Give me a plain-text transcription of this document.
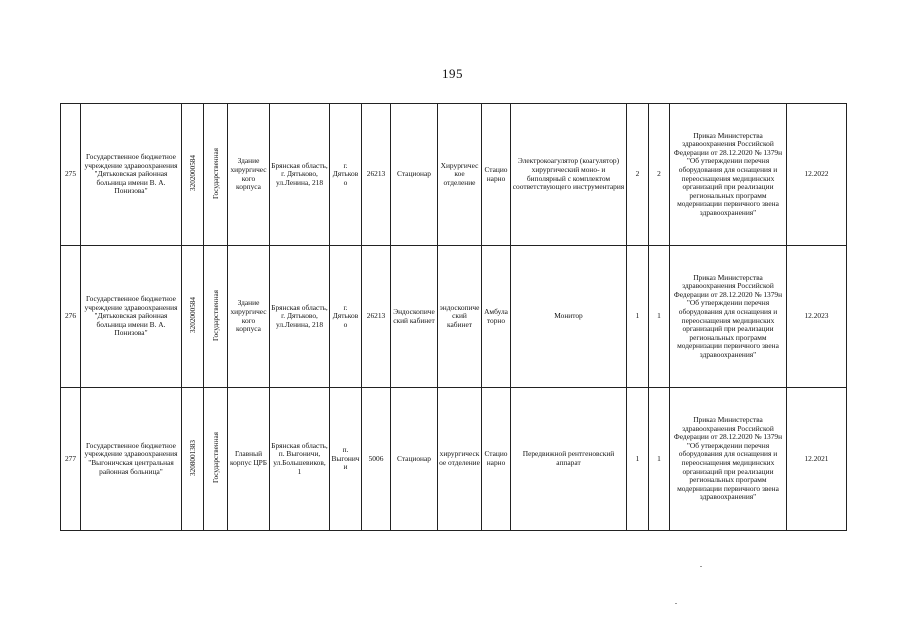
195
275	Государственное бюджетное учреждение здравоохранения "Дятьковская районная больница имени В. А. Понизова"	3202000584	Государственная	Здание хирургического корпуса	Брянская область, г. Дятьково, ул.Ленина, 218	г. Дятьково	26213	Стационар	Хирургическое отделение	Стационарно	Электрокоагулятор (коагулятор) хирургический моно- и биполярный с комплектом соответствующего инструментария	2	2	Приказ Министерства здравоохранения Российской Федерации от 28.12.2020 № 1379н "Об утверждении перечня оборудования для оснащения и переоснащения медицинских организаций при реализации региональных программ модернизации первичного звена здравоохранения"	12.2022
276	Государственное бюджетное учреждение здравоохранения "Дятьковская районная больница имени В. А. Понизова"	3202000584	Государственная	Здание хирургического корпуса	Брянская область, г. Дятьково, ул.Ленина, 218	г. Дятьково	26213	Эндоскопический кабинет	эндоскопический кабинет	Амбулаторно	Монитор	1	1	Приказ Министерства здравоохранения Российской Федерации от 28.12.2020 № 1379н "Об утверждении перечня оборудования для оснащения и переоснащения медицинских организаций при реализации региональных программ модернизации первичного звена здравоохранения"	12.2023
277	Государственное бюджетное учреждение здравоохранения "Выгоничская центральная районная больница"	3208001383	Государственная	Главный корпус ЦРБ	Брянская область, п. Выгоничи, ул.Большевиков, 1	п. Выгоничи	5006	Стационар	хирургическое отделение	Стационарно	Передвижной рентгеновский аппарат	1	1	Приказ Министерства здравоохранения Российской Федерации от 28.12.2020 № 1379н "Об утверждении перечня оборудования для оснащения и переоснащения медицинских организаций при реализации региональных программ модернизации первичного звена здравоохранения"	12.2021
